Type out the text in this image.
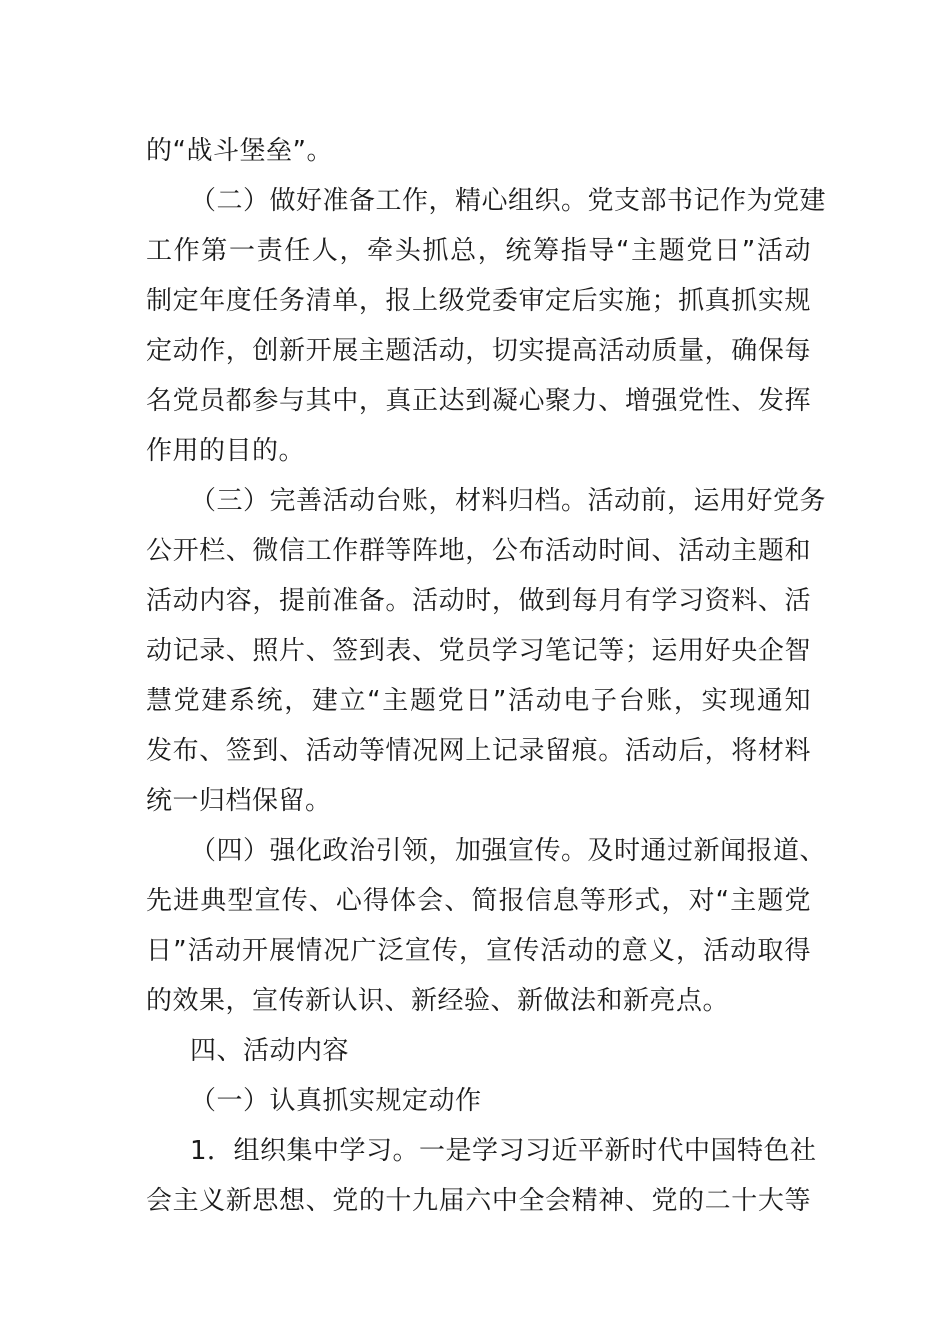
的“战斗堡垒”。
（二）做好准备工作，精心组织。党支部书记作为党建
工作第一责任人，牵头抓总，统筹指导“主题党日”活动
制定年度任务清单，报上级党委审定后实施；抓真抓实规
定动作，创新开展主题活动，切实提高活动质量，确保每
名党员都参与其中，真正达到凝心聚力、增强党性、发挥
作用的目的。
（三）完善活动台账，材料归档。活动前，运用好党务
公开栏、微信工作群等阵地，公布活动时间、活动主题和
活动内容，提前准备。活动时，做到每月有学习资料、活
动记录、照片、签到表、党员学习笔记等；运用好央企智
慧党建系统，建立“主题党日”活动电子台账，实现通知
发布、签到、活动等情况网上记录留痕。活动后，将材料
统一归档保留。
（四）强化政治引领，加强宣传。及时通过新闻报道、
先进典型宣传、心得体会、简报信息等形式，对“主题党
日”活动开展情况广泛宣传，宣传活动的意义，活动取得
的效果，宣传新认识、新经验、新做法和新亮点。
四、活动内容
（一）认真抓实规定动作
1．组织集中学习。一是学习习近平新时代中国特色社
会主义新思想、党的十九届六中全会精神、党的二十大等
